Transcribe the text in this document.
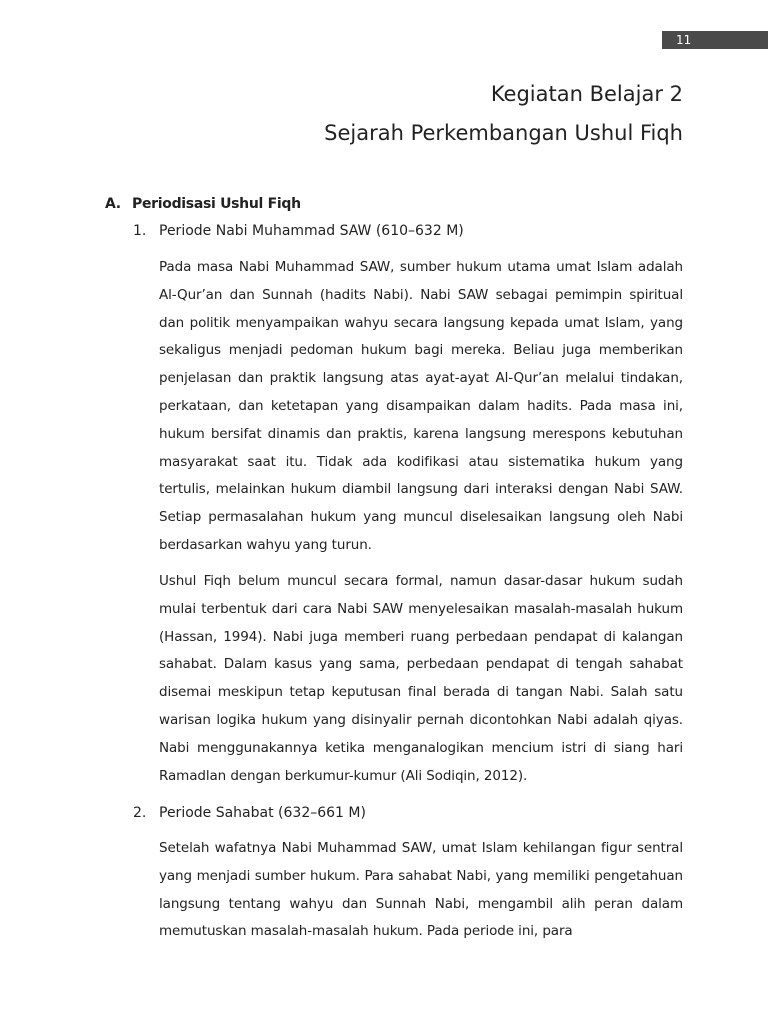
11
Kegiatan Belajar 2
Sejarah Perkembangan Ushul Fiqh
A. Periodisasi Ushul Fiqh
1. Periode Nabi Muhammad SAW (610–632 M)

Pada masa Nabi Muhammad SAW, sumber hukum utama umat Islam adalah Al-Qur’an dan Sunnah (hadits Nabi). Nabi SAW sebagai pemimpin spiritual dan politik menyampaikan wahyu secara langsung kepada umat Islam, yang sekaligus menjadi pedoman hukum bagi mereka. Beliau juga memberikan penjelasan dan praktik langsung atas ayat-ayat Al-Qur’an melalui tindakan, perkataan, dan ketetapan yang disampaikan dalam hadits. Pada masa ini, hukum bersifat dinamis dan praktis, karena langsung merespons kebutuhan masyarakat saat itu. Tidak ada kodifikasi atau sistematika hukum yang tertulis, melainkan hukum diambil langsung dari interaksi dengan Nabi SAW. Setiap permasalahan hukum yang muncul diselesaikan langsung oleh Nabi berdasarkan wahyu yang turun.

Ushul Fiqh belum muncul secara formal, namun dasar-dasar hukum sudah mulai terbentuk dari cara Nabi SAW menyelesaikan masalah-masalah hukum (Hassan, 1994). Nabi juga memberi ruang perbedaan pendapat di kalangan sahabat. Dalam kasus yang sama, perbedaan pendapat di tengah sahabat disemai meskipun tetap keputusan final berada di tangan Nabi. Salah satu warisan logika hukum yang disinyalir pernah dicontohkan Nabi adalah qiyas. Nabi menggunakannya ketika menganalogikan mencium istri di siang hari Ramadlan dengan berkumur-kumur (Ali Sodiqin, 2012).

2. Periode Sahabat (632–661 M)

Setelah wafatnya Nabi Muhammad SAW, umat Islam kehilangan figur sentral yang menjadi sumber hukum. Para sahabat Nabi, yang memiliki pengetahuan langsung tentang wahyu dan Sunnah Nabi, mengambil alih peran dalam memutuskan masalah-masalah hukum. Pada periode ini, para
